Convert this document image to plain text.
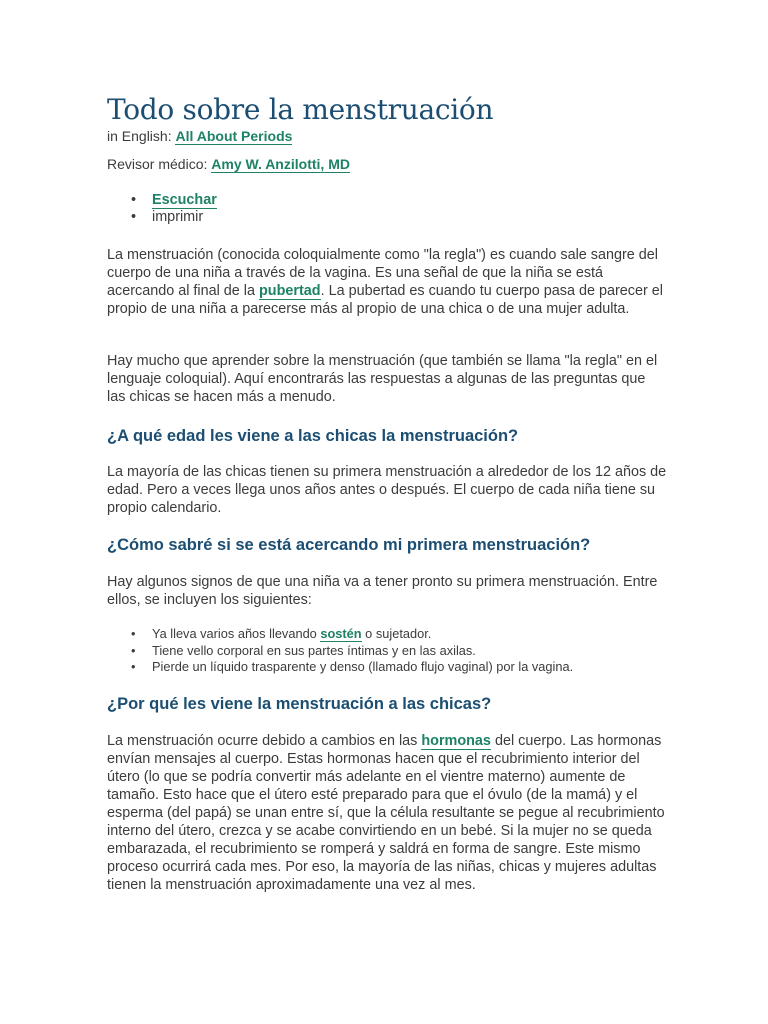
Todo sobre la menstruación

in English: All About Periods

Revisor médico: Amy W. Anzilotti, MD

• Escuchar
• imprimir

La menstruación (conocida coloquialmente como "la regla") es cuando sale sangre del cuerpo de una niña a través de la vagina. Es una señal de que la niña se está acercando al final de la pubertad. La pubertad es cuando tu cuerpo pasa de parecer el propio de una niña a parecerse más al propio de una chica o de una mujer adulta.

Hay mucho que aprender sobre la menstruación (que también se llama "la regla" en el lenguaje coloquial). Aquí encontrarás las respuestas a algunas de las preguntas que las chicas se hacen más a menudo.

¿A qué edad les viene a las chicas la menstruación?

La mayoría de las chicas tienen su primera menstruación a alrededor de los 12 años de edad. Pero a veces llega unos años antes o después. El cuerpo de cada niña tiene su propio calendario.

¿Cómo sabré si se está acercando mi primera menstruación?

Hay algunos signos de que una niña va a tener pronto su primera menstruación. Entre ellos, se incluyen los siguientes:

• Ya lleva varios años llevando sostén o sujetador.
• Tiene vello corporal en sus partes íntimas y en las axilas.
• Pierde un líquido trasparente y denso (llamado flujo vaginal) por la vagina.
¿Por qué les viene la menstruación a las chicas?

La menstruación ocurre debido a cambios en las hormonas del cuerpo. Las hormonas envían mensajes al cuerpo. Estas hormonas hacen que el recubrimiento interior del útero (lo que se podría convertir más adelante en el vientre materno) aumente de tamaño. Esto hace que el útero esté preparado para que el óvulo (de la mamá) y el esperma (del papá) se unan entre sí, que la célula resultante se pegue al recubrimiento interno del útero, crezca y se acabe convirtiendo en un bebé. Si la mujer no se queda embarazada, el recubrimiento se romperá y saldrá en forma de sangre. Este mismo proceso ocurrirá cada mes. Por eso, la mayoría de las niñas, chicas y mujeres adultas tienen la menstruación aproximadamente una vez al mes.
